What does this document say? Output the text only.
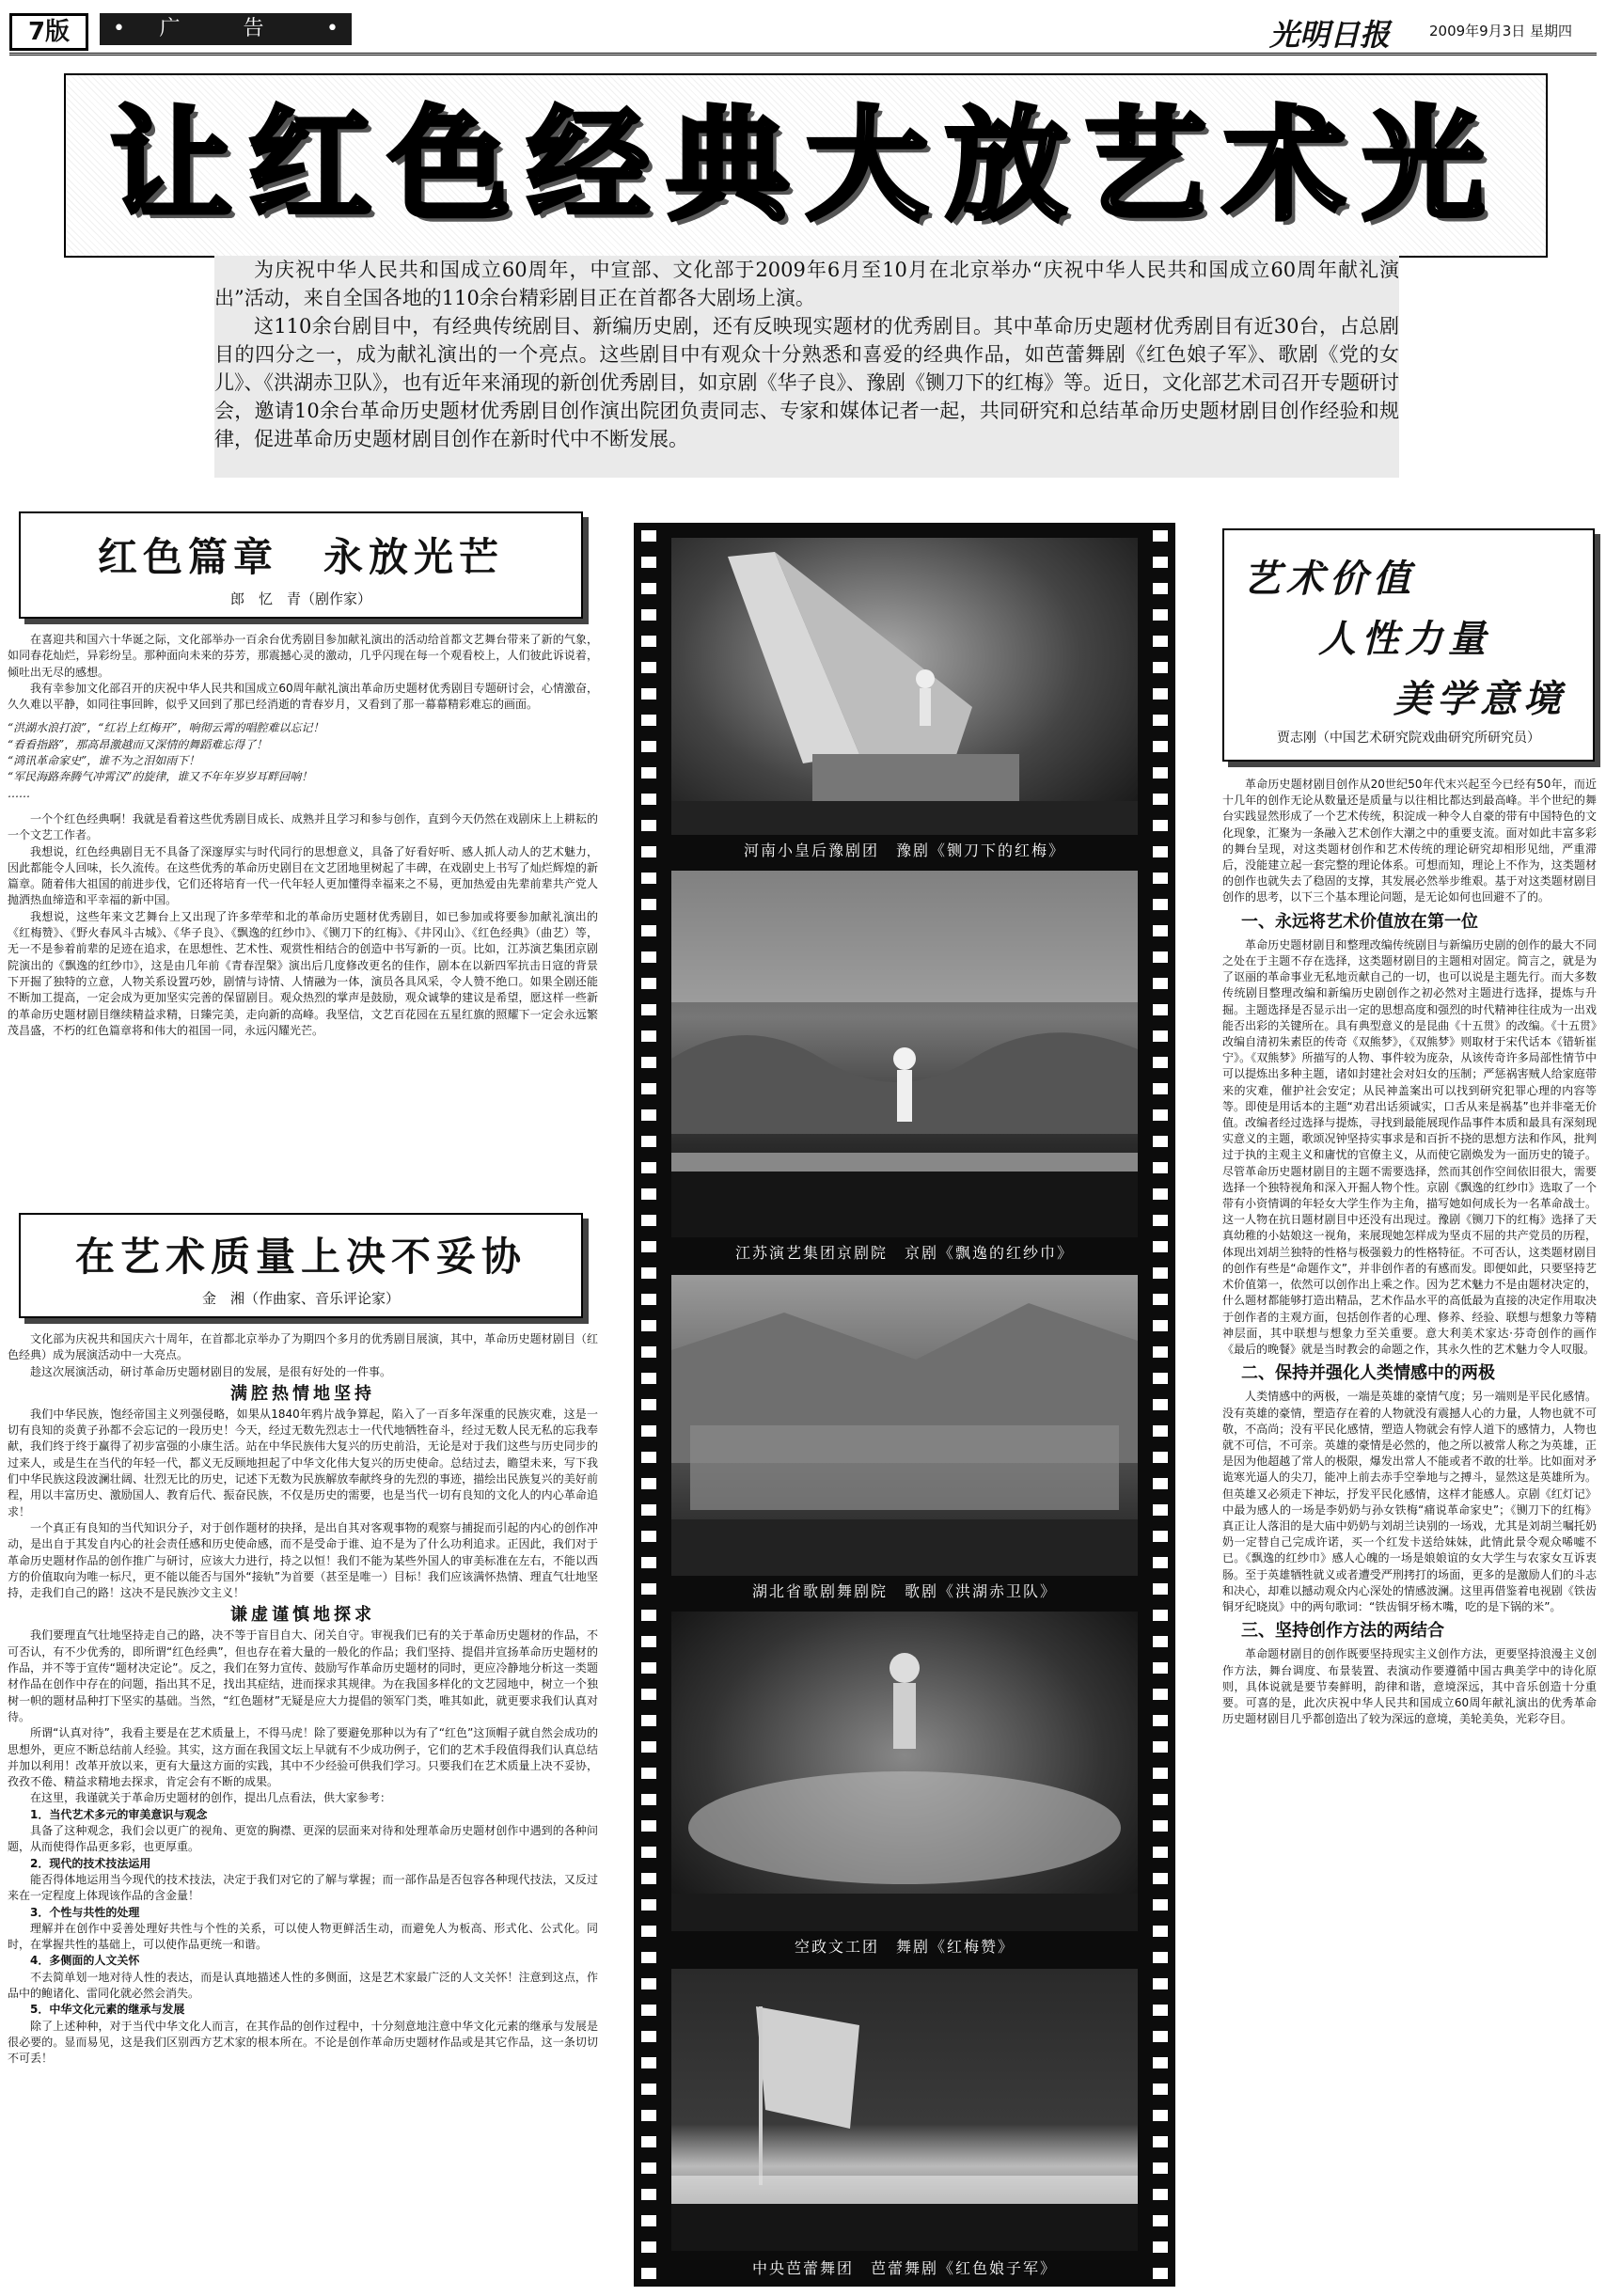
7版
•	广 告 •	光明日报	2009年9月3日 星期四
让红色经典大放艺术光

为庆祝中华人民共和国成立60周年，中宣部、文化部于2009年6月至10月在北京举办“庆祝中华人民共和国成立60周年献礼演出”活动，来自全国各地的110余台精彩剧目正在首都各大剧场上演。

这110余台剧目中，有经典传统剧目、新编历史剧，还有反映现实题材的优秀剧目。其中革命历史题材优秀剧目有近30台，占总剧目的四分之一，成为献礼演出的一个亮点。这些剧目中有观众十分熟悉和喜爱的经典作品，如芭蕾舞剧《红色娘子军》、歌剧《党的女儿》、《洪湖赤卫队》，也有近年来涌现的新创优秀剧目，如京剧《华子良》、豫剧《铡刀下的红梅》等。近日，文化部艺术司召开专题研讨会，邀请10余台革命历史题材优秀剧目创作演出院团负责同志、专家和媒体记者一起，共同研究和总结革命历史题材剧目创作经验和规律，促进革命历史题材剧目创作在新时代中不断发展。

红色篇章　永放光芒
郎　忆　青（剧作家）

在喜迎共和国六十华诞之际，文化部举办一百余台优秀剧目参加献礼演出的活动给首都文艺舞台带来了新的气象，如同春花灿烂，异彩纷呈。那种面向未来的芬芳，那震撼心灵的激动，几乎闪现在每一个观看校上，人们彼此诉说着，倾吐出无尽的感想。

我有幸参加文化部召开的庆祝中华人民共和国成立60周年献礼演出革命历史题材优秀剧目专题研讨会，心情激奋，久久难以平静，如同往事回眸，似乎又回到了那已经消逝的青春岁月，又看到了那一幕幕精彩难忘的画面。

“洪湖水浪打浪”，“红岩上红梅开”，响彻云霄的唱腔难以忘记！

“看看指路”，那高昂激越而又深情的舞蹈难忘得了！

“鸿讯革命家史”，谁不为之泪如雨下！

“军民海路奔腾气冲霄汉”的旋律，谁又不年年岁岁耳畔回响！

……

一个个红色经典啊！我就是看着这些优秀剧目成长、成熟并且学习和参与创作，直到今天仍然在戏剧床上上耕耘的一个文艺工作者。

我想说，红色经典剧目无不具备了深邃厚实与时代同行的思想意义，具备了好看好听、感人抓人动人的艺术魅力，因此都能令人回味，长久流传。在这些优秀的革命历史剧目在文艺团地里树起了丰碑，在戏剧史上书写了灿烂辉煌的新篇章。随着伟大祖国的前进步伐，它们还将培育一代一代年轻人更加懂得幸福来之不易，更加热爱由先辈前辈共产党人抛洒热血缔造和平幸福的新中国。

我想说，这些年来文艺舞台上又出现了许多荦荦和北的革命历史题材优秀剧目，如已参加或将要参加献礼演出的《红梅赞》、《野火春风斗古城》、《华子良》、《飘逸的红纱巾》、《铡刀下的红梅》、《井冈山》、《红色经典》（曲艺）等，无一不是参着前辈的足迹在追求，在思想性、艺术性、观赏性相结合的创造中书写新的一页。比如，江苏演艺集团京剧院演出的《飘逸的红纱巾》，这是由几年前《青春涅槃》演出后几度修改更名的佳作，剧本在以新四军抗击日寇的背景下开掘了独特的立意，人物关系设置巧妙，剧情与诗情、人情融为一体，演员各具风采，令人赞不绝口。如果全剧还能不断加工提高，一定会成为更加坚实完善的保留剧目。观众热烈的掌声是鼓励，观众诚挚的建议是希望，愿这样一些新的革命历史题材剧目继续精益求精，日臻完美，走向新的高峰。我坚信，文艺百花园在五星红旗的照耀下一定会永远繁茂昌盛，不朽的红色篇章将和伟大的祖国一同，永远闪耀光芒。

在艺术质量上决不妥协
金　湘（作曲家、音乐评论家）

文化部为庆祝共和国庆六十周年，在首都北京举办了为期四个多月的优秀剧目展演，其中，革命历史题材剧目（红色经典）成为展演活动中一大亮点。

趁这次展演活动，研讨革命历史题材剧目的发展，是很有好处的一件事。

满腔热情地坚持

我们中华民族，饱经帝国主义列强侵略，如果从1840年鸦片战争算起，陷入了一百多年深重的民族灾难，这是一切有良知的炎黄子孙都不会忘记的一段历史！今天，经过无数先烈志士一代代地牺牲奋斗，经过无数人民无私的忘我奉献，我们终于终于赢得了初步富强的小康生活。站在中华民族伟大复兴的历史前沿，无论是对于我们这些与历史同步的过来人，或是生在当代的年轻一代，都义无反顾地担起了中华文化伟大复兴的历史使命。总结过去，瞻望未来，写下我们中华民族这段波澜壮阔、壮烈无比的历史，记述下无数为民族解放奉献终身的先烈的事迹，描绘出民族复兴的美好前程，用以丰富历史、激励国人、教育后代、振奋民族，不仅是历史的需要，也是当代一切有良知的文化人的内心革命追求！

一个真正有良知的当代知识分子，对于创作题材的抉择，是出自其对客观事物的观察与捕捉而引起的内心的创作冲动，是出自于其发自内心的社会责任感和历史使命感，而不是受命于谁、迫不是为了什么功利追求。正因此，我们对于革命历史题材作品的创作推广与研讨，应该大力进行，持之以恒！我们不能为某些外国人的审美标准在左右，不能以西方的价值取向为唯一标尺，更不能以能否与国外“接轨”为首要（甚至是唯一）目标！我们应该满怀热情、理直气壮地坚持，走我们自己的路！这决不是民族沙文主义！

谦虚谨慎地探求

我们要理直气壮地坚持走自己的路，决不等于盲目自大、闭关自守。审视我们已有的关于革命历史题材的作品，不可否认，有不少优秀的，即所谓“红色经典”，但也存在着大量的一般化的作品；我们坚持、提倡并宣扬革命历史题材的作品，并不等于宣传“题材决定论”。反之，我们在努力宣传、鼓励写作革命历史题材的同时，更应冷静地分析这一类题材作品在创作中存在的问题，指出其不足，找出其症结，进而探求其规律。为在我国多样化的文艺园地中，树立一个独树一帜的题材品种打下坚实的基础。当然，“红色题材”无疑是应大力提倡的领军门类，唯其如此，就更要求我们认真对待。

所谓“认真对待”，我看主要是在艺术质量上，不得马虎！除了要避免那种以为有了“红色”这顶帽子就自然会成功的思想外，更应不断总结前人经验。其实，这方面在我国文坛上早就有不少成功例子，它们的艺术手段值得我们认真总结并加以利用！改革开放以来，更有大量这方面的实践，其中不少经验可供我们学习。只要我们在艺术质量上决不妥协，孜孜不倦、精益求精地去探求，肯定会有不断的成果。

在这里，我谨就关于革命历史题材的创作，提出几点看法，供大家参考：

1．当代艺术多元的审美意识与观念

具备了这种观念，我们会以更广的视角、更宽的胸襟、更深的层面来对待和处理革命历史题材创作中遇到的各种问题，从而使得作品更多彩，也更厚重。

2．现代的技术技法运用

能否得体地运用当今现代的技术技法，决定于我们对它的了解与掌握；而一部作品是否包容各种现代技法，又反过来在一定程度上体现该作品的含金量！

3．个性与共性的处理

理解并在创作中妥善处理好共性与个性的关系，可以使人物更鲜活生动，而避免人为板高、形式化、公式化。同时，在掌握共性的基础上，可以使作品更统一和谐。

4．多侧面的人文关怀

不去简单划一地对待人性的表达，而是认真地描述人性的多侧面，这是艺术家最广泛的人文关怀！注意到这点，作品中的鲍诸化、雷同化就必然会消失。

5．中华文化元素的继承与发展

除了上述种种，对于当代中华文化人而言，在其作品的创作过程中，十分刻意地注意中华文化元素的继承与发展是很必要的。显而易见，这是我们区别西方艺术家的根本所在。不论是创作革命历史题材作品或是其它作品，这一条切切不可丢！

河南小皇后豫剧团　豫剧《铡刀下的红梅》
江苏演艺集团京剧院　京剧《飘逸的红纱巾》
湖北省歌剧舞剧院　歌剧《洪湖赤卫队》
空政文工团　舞剧《红梅赞》
中央芭蕾舞团　芭蕾舞剧《红色娘子军》
艺术价值
人性力量
美学意境
贾志刚（中国艺术研究院戏曲研究所研究员）

革命历史题材剧目创作从20世纪50年代末兴起至今已经有50年，而近十几年的创作无论从数量还是质量与以往相比都达到最高峰。半个世纪的舞台实践显然形成了一个艺术传统，积淀成一种令人自豪的带有中国特色的文化现象，汇聚为一条融入艺术创作大潮之中的重要支流。面对如此丰富多彩的舞台呈现，对这类题材创作和艺术传统的理论研究却相形见绌，严重滞后，没能建立起一套完整的理论体系。可想而知，理论上不作为，这类题材的创作也就失去了稳固的支撑，其发展必然举步维艰。基于对这类题材剧目创作的思考，以下三个基本理论问题，是无论如何也回避不了的。

一、永远将艺术价值放在第一位

革命历史题材剧目和整理改编传统剧目与新编历史剧的创作的最大不同之处在于主题不存在选择，这类题材剧目的主题相对固定。简言之，就是为了讴丽的革命事业无私地贡献自己的一切，也可以说是主题先行。而大多数传统剧目整理改编和新编历史剧创作之初必然对主题进行选择，提炼与升掘。主题选择是否显示出一定的思想高度和强烈的时代精神往往成为一出戏能否出彩的关键所在。具有典型意义的是昆曲《十五贯》的改编。《十五贯》改编自清初朱素臣的传奇《双熊梦》，《双熊梦》则取材于宋代话本《错斩崔宁》。《双熊梦》所描写的人物、事件较为庞杂，从该传奇许多局部性情节中可以提炼出多种主题，诸如封建社会对妇女的压制；严惩祸害贼人给家庭带来的灾难，催护社会安定；从民神盖案出可以找到研究犯罪心理的内容等等。即使是用话本的主题“劝君出话须诚实，口舌从来是祸基”也并非毫无价值。改编者经过选择与提炼，寻找到最能展现作品事件本质和最具有深刻现实意义的主题，歌颂况钟坚持实事求是和百折不挠的思想方法和作风，批判过于执的主观主义和庸忧的官僚主义，从而使它剧焕发为一面历史的镜子。尽管革命历史题材剧目的主题不需要选择，然而其创作空间依旧很大，需要选择一个独特视角和深入开掘人物个性。京剧《飘逸的红纱巾》选取了一个带有小资情调的年轻女大学生作为主角，描写她如何成长为一名革命战士。这一人物在抗日题材剧目中还没有出现过。豫剧《铡刀下的红梅》选择了天真幼稚的小姑娘这一视角，来展现她怎样成为坚贞不屈的共产党员的历程，体现出刘胡兰独特的性格与极强毅力的性格特征。不可否认，这类题材剧目的创作有些是“命题作文”，并非创作者的有感而发。即便如此，只要坚持艺术价值第一，依然可以创作出上乘之作。因为艺术魅力不是由题材决定的，什么题材都能够打造出精品，艺术作品水平的高低最为直接的决定作用取决于创作者的主观方面，包括创作者的心理、修养、经验、联想与想象力等精神层面，其中联想与想象力至关重要。意大利美术家达·芬奇创作的画作《最后的晚餐》就是当时教会的命题之作，其永久性的艺术魅力令人叹服。

二、保持并强化人类情感中的两极

人类情感中的两极，一端是英雄的豪情气度；另一端则是平民化感情。没有英雄的豪情，塑造存在着的人物就没有震撼人心的力量，人物也就不可敬，不高尚；没有平民化感情，塑造人物就会有悖人道下的感情力，人物也就不可信，不可亲。英雄的豪情是必然的，他之所以被常人称之为英雄，正是因为他超越了常人的极限，爆发出常人不能或者不敢的壮举。比如面对矛诡寒光逼人的尖刀，能冲上前去赤手空拳地与之搏斗，显然这是英雄所为。但英雄又必须走下神坛，抒发平民化感情，这样才能感人。京剧《红灯记》中最为感人的一场是李奶奶与孙女铁梅“痛说革命家史”；《铡刀下的红梅》真正让人落泪的是大庙中奶奶与刘胡兰诀别的一场戏，尤其是刘胡兰嘱托奶奶一定替自己完成许诺，买一个红发卡送给妹妹，此情此景令观众唏嘘不已。《飘逸的红纱巾》感人心魄的一场是娘娘谊的女大学生与农家女互诉衷肠。至于英雄牺牲就义或者遭受严刑拷打的场面，更多的是激励人们的斗志和决心，却难以撼动观众内心深处的情感波澜。这里再借鉴着电视剧《铁齿铜牙纪晓岚》中的两句歌词：“铁齿铜牙杨木嘴，吃的是下锅的米”。

三、坚持创作方法的两结合

革命题材剧目的创作既要坚持现实主义创作方法，更要坚持浪漫主义创作方法，舞台调度、布景装置、表演动作要遵循中国古典美学中的诗化原则，具体说就是要节奏鲜明，韵律和谐，意境深远，其中音乐创造十分重要。可喜的是，此次庆祝中华人民共和国成立60周年献礼演出的优秀革命历史题材剧目几乎都创造出了较为深远的意境，美轮美奂，光彩夺目。
